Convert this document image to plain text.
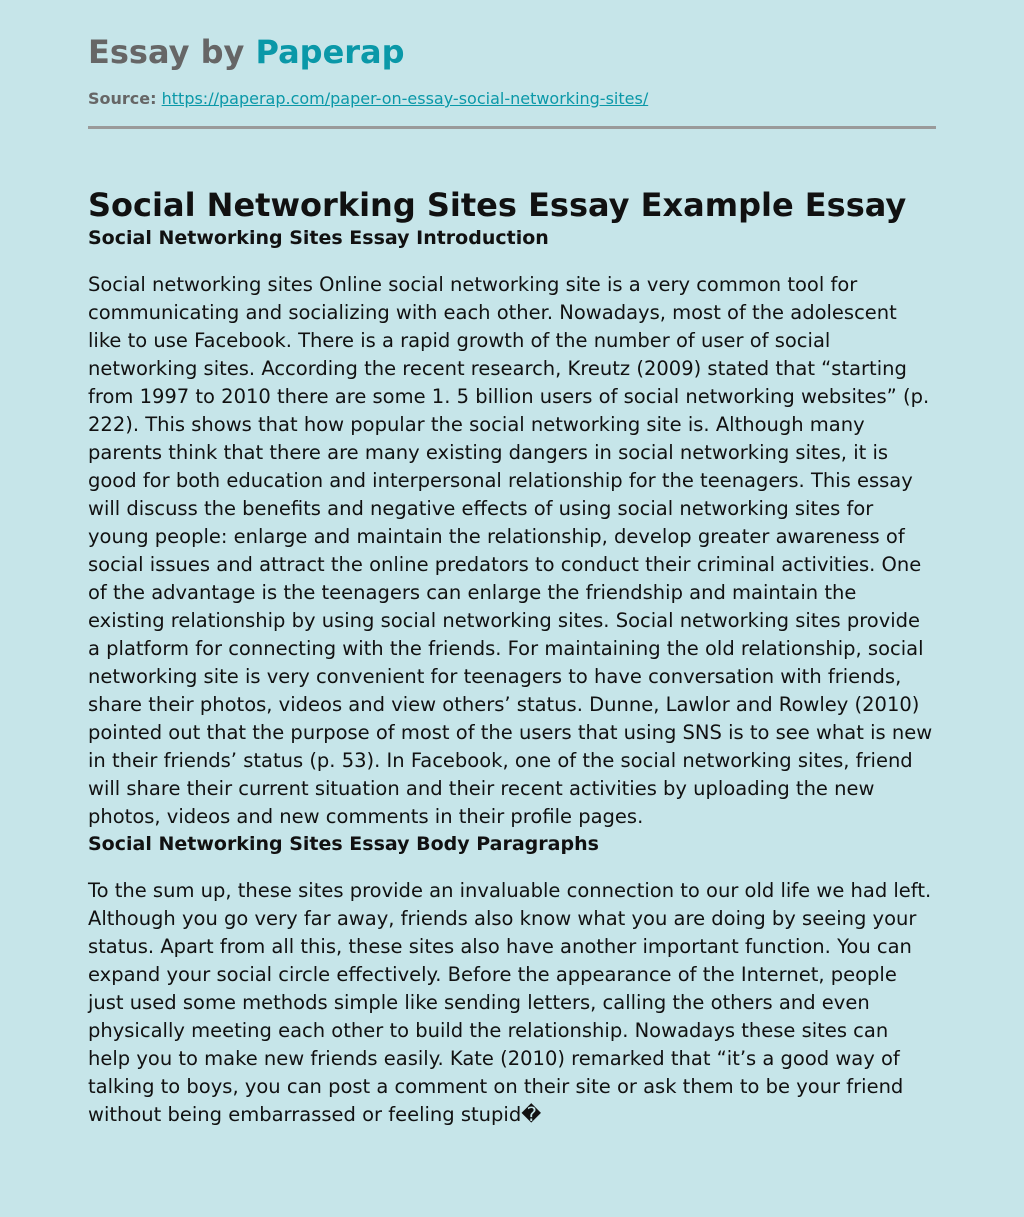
Essay by Paperap
Source: https://paperap.com/paper-on-essay-social-networking-sites/
Social Networking Sites Essay Example Essay
Social Networking Sites Essay Introduction

Social networking sites Online social networking site is a very common tool for communicating and socializing with each other. Nowadays, most of the adolescent like to use Facebook. There is a rapid growth of the number of user of social networking sites. According the recent research, Kreutz (2009) stated that “starting from 1997 to 2010 there are some 1. 5 billion users of social networking websites” (p. 222). This shows that how popular the social networking site is. Although many parents think that there are many existing dangers in social networking sites, it is good for both education and interpersonal relationship for the teenagers. This essay will discuss the benefits and negative effects of using social networking sites for young people: enlarge and maintain the relationship, develop greater awareness of social issues and attract the online predators to conduct their criminal activities. One of the advantage is the teenagers can enlarge the friendship and maintain the existing relationship by using social networking sites. Social networking sites provide a platform for connecting with the friends. For maintaining the old relationship, social networking site is very convenient for teenagers to have conversation with friends, share their photos, videos and view others’ status. Dunne, Lawlor and Rowley (2010) pointed out that the purpose of most of the users that using SNS is to see what is new in their friends’ status (p. 53). In Facebook, one of the social networking sites, friend will share their current situation and their recent activities by uploading the new photos, videos and new comments in their profile pages.

Social Networking Sites Essay Body Paragraphs

To the sum up, these sites provide an invaluable connection to our old life we had left. Although you go very far away, friends also know what you are doing by seeing your status. Apart from all this, these sites also have another important function. You can expand your social circle effectively. Before the appearance of the Internet, people just used some methods simple like sending letters, calling the others and even physically meeting each other to build the relationship. Nowadays these sites can help you to make new friends easily. Kate (2010) remarked that “it’s a good way of talking to boys, you can post a comment on their site or ask them to be your friend without being embarrassed or feeling stupid�
